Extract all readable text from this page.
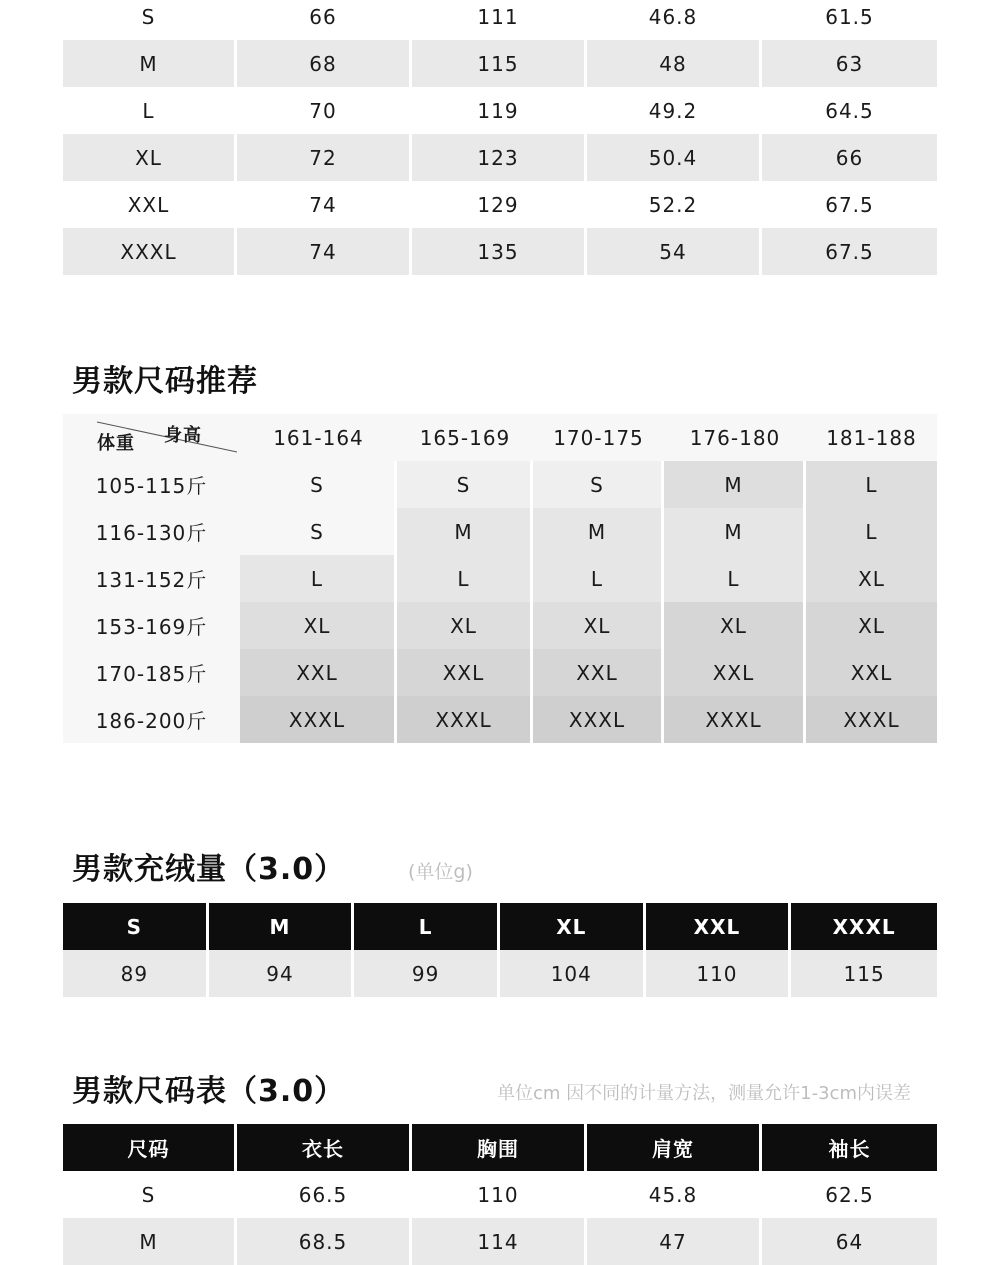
S	66	111	46.8	61.5
M	68	115	48	63
L	70	119	49.2	64.5
XL	72	123	50.4	66
XXL	74	129	52.2	67.5
XXXL	74	135	54	67.5
男款尺码推荐
身高
体重	161-164	165-169	170-175	176-180	181-188
105-115斤	S	S	S	M	L
116-130斤	S	M	M	M	L
131-152斤	L	L	L	L	XL
153-169斤	XL	XL	XL	XL	XL
170-185斤	XXL	XXL	XXL	XXL	XXL
186-200斤	XXXL	XXXL	XXXL	XXXL	XXXL
男款充绒量（3.0）	(单位g)
S	M	L	XL	XXL	XXXL
89	94	99	104	110	115
男款尺码表（3.0）	单位cm 因不同的计量方法，测量允许1-3cm内误差
尺码	衣长	胸围	肩宽	袖长
S	66.5	110	45.8	62.5
M	68.5	114	47	64
